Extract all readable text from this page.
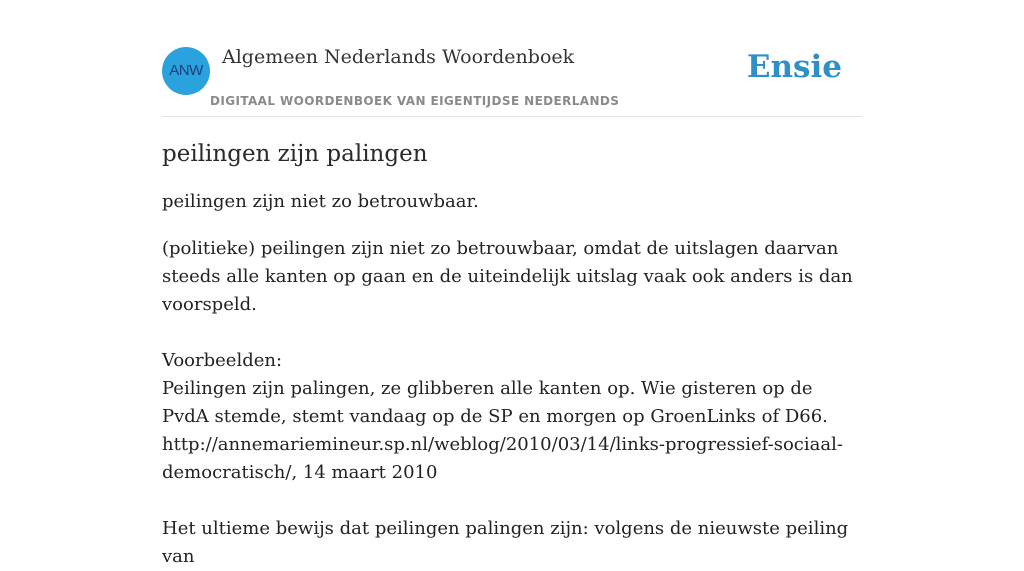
ANW
Algemeen Nederlands Woordenboek
DIGITAAL WOORDENBOEK VAN EIGENTIJDSE NEDERLANDS
Ensie
peilingen zijn palingen

peilingen zijn niet zo betrouwbaar.

(politieke) peilingen zijn niet zo betrouwbaar, omdat de uitslagen daarvan steeds alle kanten op gaan en de uiteindelijk uitslag vaak ook anders is dan voorspeld.

Voorbeelden:
Peilingen zijn palingen, ze glibberen alle kanten op. Wie gisteren op de PvdA stemde, stemt vandaag op de SP en morgen op GroenLinks of D66. http://annemariemineur.sp.nl/weblog/2010/03/14/links-progressief-sociaal-democratisch/, 14 maart 2010

Het ultieme bewijs dat peilingen palingen zijn: volgens de nieuwste peiling van
